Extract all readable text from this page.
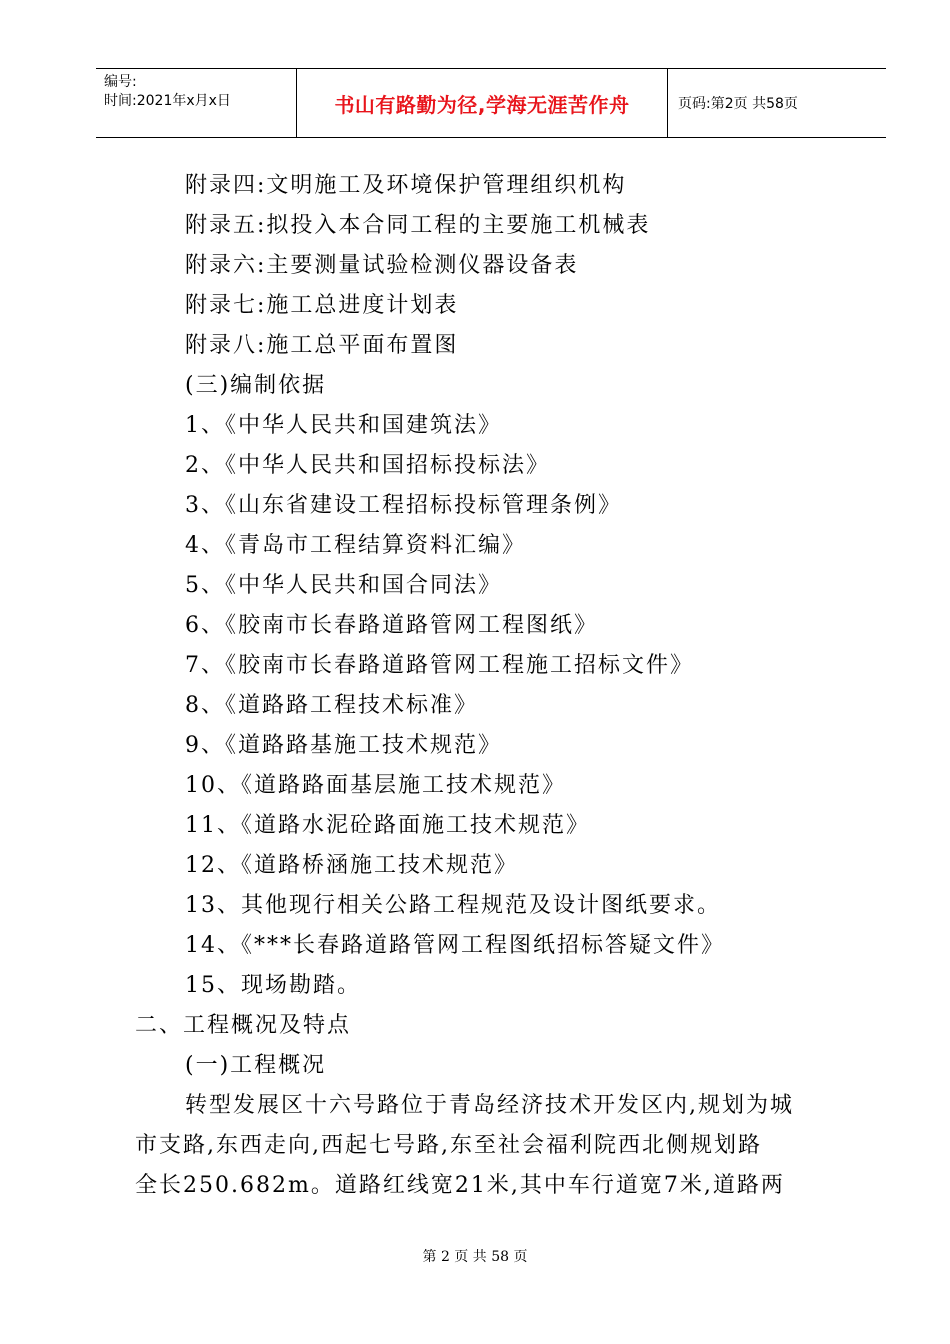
编号:
时间:2021年x月x日	书山有路勤为径,学海无涯苦作舟	页码:第2页 共58页
附录四:文明施工及环境保护管理组织机构
附录五:拟投入本合同工程的主要施工机械表
附录六:主要测量试验检测仪器设备表
附录七:施工总进度计划表
附录八:施工总平面布置图
(三)编制依据
1、《中华人民共和国建筑法》
2、《中华人民共和国招标投标法》
3、《山东省建设工程招标投标管理条例》
4、《青岛市工程结算资料汇编》
5、《中华人民共和国合同法》
6、《胶南市长春路道路管网工程图纸》
7、《胶南市长春路道路管网工程施工招标文件》
8、《道路路工程技术标准》
9、《道路路基施工技术规范》
10、《道路路面基层施工技术规范》
11、《道路水泥砼路面施工技术规范》
12、《道路桥涵施工技术规范》
13、其他现行相关公路工程规范及设计图纸要求。
14、《***长春路道路管网工程图纸招标答疑文件》
15、现场勘踏。
二、工程概况及特点
(一)工程概况
转型发展区十六号路位于青岛经济技术开发区内,规划为城
市支路,东西走向,西起七号路,东至社会福利院西北侧规划路
全长250.682m。道路红线宽21米,其中车行道宽7米,道路两
第 2 页 共 58 页
